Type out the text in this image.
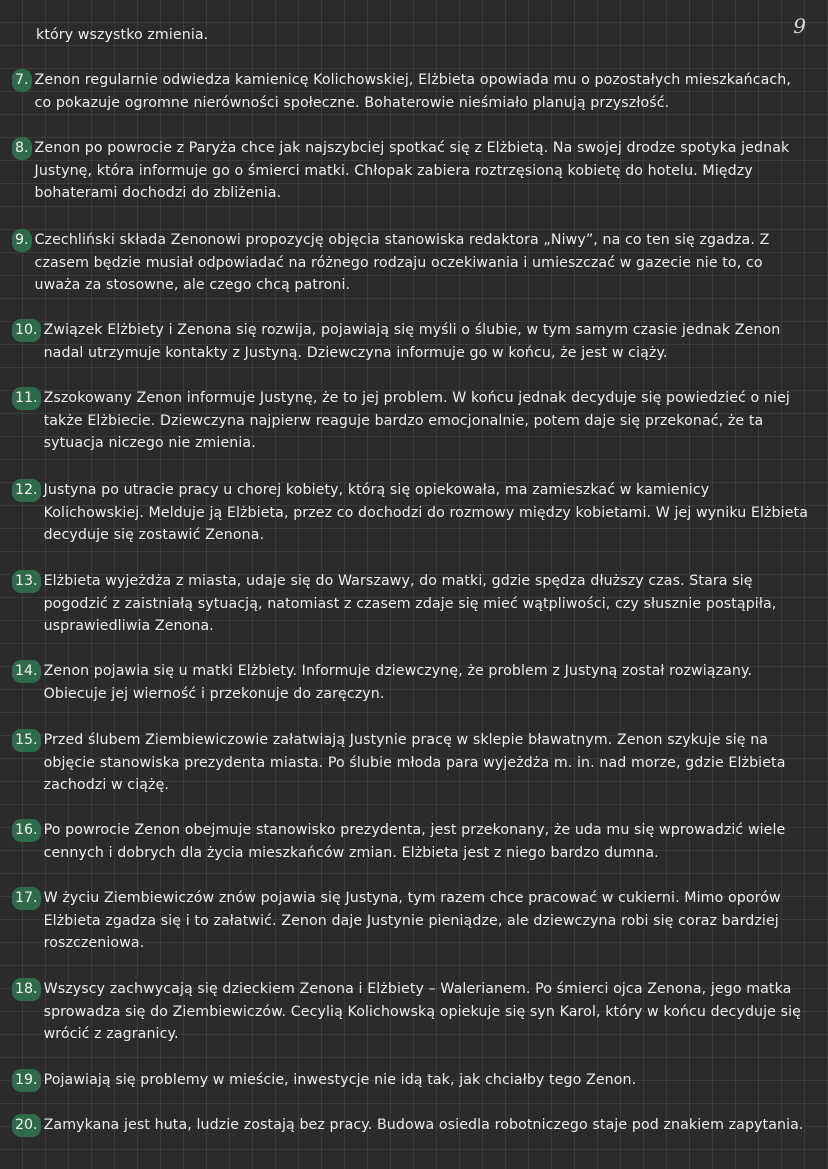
9
który wszystko zmienia.
7. Zenon regularnie odwiedza kamienicę Kolichowskiej, Elżbieta opowiada mu o pozostałych mieszkańcach, co pokazuje ogromne nierówności społeczne. Bohaterowie nieśmiało planują przyszłość.
8. Zenon po powrocie z Paryża chce jak najszybciej spotkać się z Elżbietą. Na swojej drodze spotyka jednak Justynę, która informuje go o śmierci matki. Chłopak zabiera roztrzęsioną kobietę do hotelu. Między bohaterami dochodzi do zbliżenia.
9. Czechliński składa Zenonowi propozycję objęcia stanowiska redaktora „Niwy”, na co ten się zgadza. Z czasem będzie musiał odpowiadać na różnego rodzaju oczekiwania i umieszczać w gazecie nie to, co uważa za stosowne, ale czego chcą patroni.
10. Związek Elżbiety i Zenona się rozwija, pojawiają się myśli o ślubie, w tym samym czasie jednak Zenon nadal utrzymuje kontakty z Justyną. Dziewczyna informuje go w końcu, że jest w ciąży.
11. Zszokowany Zenon informuje Justynę, że to jej problem. W końcu jednak decyduje się powiedzieć o niej także Elżbiecie. Dziewczyna najpierw reaguje bardzo emocjonalnie, potem daje się przekonać, że ta sytuacja niczego nie zmienia.
12. Justyna po utracie pracy u chorej kobiety, którą się opiekowała, ma zamieszkać w kamienicy Kolichowskiej. Melduje ją Elżbieta, przez co dochodzi do rozmowy między kobietami. W jej wyniku Elżbieta decyduje się zostawić Zenona.
13. Elżbieta wyjeżdża z miasta, udaje się do Warszawy, do matki, gdzie spędza dłuższy czas. Stara się pogodzić z zaistniałą sytuacją, natomiast z czasem zdaje się mieć wątpliwości, czy słusznie postąpiła, usprawiedliwia Zenona.
14. Zenon pojawia się u matki Elżbiety. Informuje dziewczynę, że problem z Justyną został rozwiązany. Obiecuje jej wierność i przekonuje do zaręczyn.
15. Przed ślubem Ziembiewiczowie załatwiają Justynie pracę w sklepie bławatnym. Zenon szykuje się na objęcie stanowiska prezydenta miasta. Po ślubie młoda para wyjeżdża m. in. nad morze, gdzie Elżbieta zachodzi w ciążę.
16. Po powrocie Zenon obejmuje stanowisko prezydenta, jest przekonany, że uda mu się wprowadzić wiele cennych i dobrych dla życia mieszkańców zmian. Elżbieta jest z niego bardzo dumna.
17. W życiu Ziembiewiczów znów pojawia się Justyna, tym razem chce pracować w cukierni. Mimo oporów Elżbieta zgadza się i to załatwić. Zenon daje Justynie pieniądze, ale dziewczyna robi się coraz bardziej roszczeniowa.
18. Wszyscy zachwycają się dzieckiem Zenona i Elżbiety – Walerianem. Po śmierci ojca Zenona, jego matka sprowadza się do Ziembiewiczów. Cecylią Kolichowską opiekuje się syn Karol, który w końcu decyduje się wrócić z zagranicy.
19. Pojawiają się problemy w mieście, inwestycje nie idą tak, jak chciałby tego Zenon.
20. Zamykana jest huta, ludzie zostają bez pracy. Budowa osiedla robotniczego staje pod znakiem zapytania.
